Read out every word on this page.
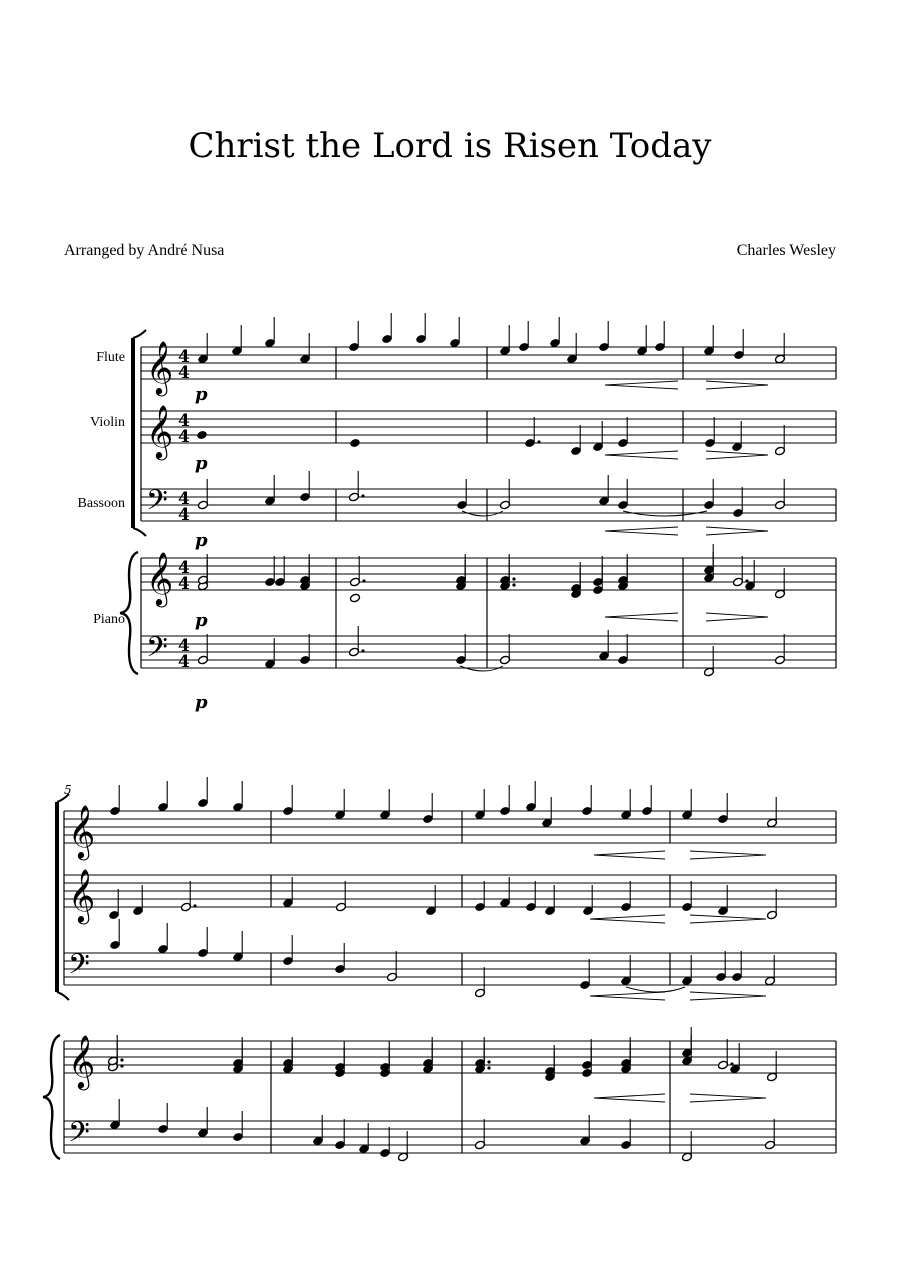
Christ the Lord is Risen Today
Arranged by André Nusa	Charles Wesley
Flute
Violin
Bassoon
Piano
𝄞 4
4
𝄞 4
4
𝄢 4
4
𝄞 4
4
𝄢 4
4
p
p
p
p
p
𝄞
𝄞
𝄢
𝄞
𝄢
5
